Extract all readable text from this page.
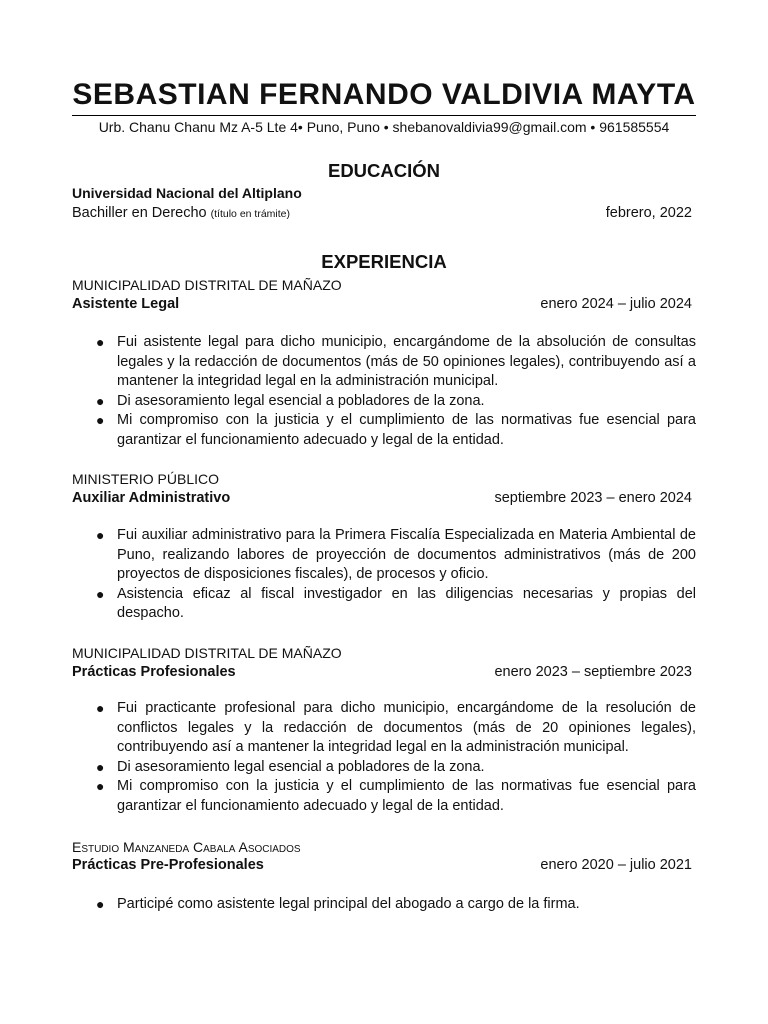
SEBASTIAN FERNANDO VALDIVIA MAYTA
Urb. Chanu Chanu Mz A-5 Lte 4• Puno, Puno • shebanovaldivia99@gmail.com • 961585554
EDUCACIÓN
Universidad Nacional del Altiplano
Bachiller en Derecho (título en trámite)	febrero, 2022
EXPERIENCIA
MUNICIPALIDAD DISTRITAL DE MAÑAZO
Asistente Legal	enero 2024 – julio 2024
● Fui asistente legal para dicho municipio, encargándome de la absolución de consultas legales y la redacción de documentos (más de 50 opiniones legales), contribuyendo así a mantener la integridad legal en la administración municipal.
● Di asesoramiento legal esencial a pobladores de la zona.
● Mi compromiso con la justicia y el cumplimiento de las normativas fue esencial para garantizar el funcionamiento adecuado y legal de la entidad.
MINISTERIO PÚBLICO
Auxiliar Administrativo	septiembre 2023 – enero 2024
● Fui auxiliar administrativo para la Primera Fiscalía Especializada en Materia Ambiental de Puno, realizando labores de proyección de documentos administrativos (más de 200 proyectos de disposiciones fiscales), de procesos y oficio.
● Asistencia eficaz al fiscal investigador en las diligencias necesarias y propias del despacho.
MUNICIPALIDAD DISTRITAL DE MAÑAZO
Prácticas Profesionales	enero 2023 – septiembre 2023
● Fui practicante profesional para dicho municipio, encargándome de la resolución de conflictos legales y la redacción de documentos (más de 20 opiniones legales), contribuyendo así a mantener la integridad legal en la administración municipal.
● Di asesoramiento legal esencial a pobladores de la zona.
● Mi compromiso con la justicia y el cumplimiento de las normativas fue esencial para garantizar el funcionamiento adecuado y legal de la entidad.
Estudio Manzaneda Cabala Asociados
Prácticas Pre-Profesionales	enero 2020 – julio 2021
● Participé como asistente legal principal del abogado a cargo de la firma.
